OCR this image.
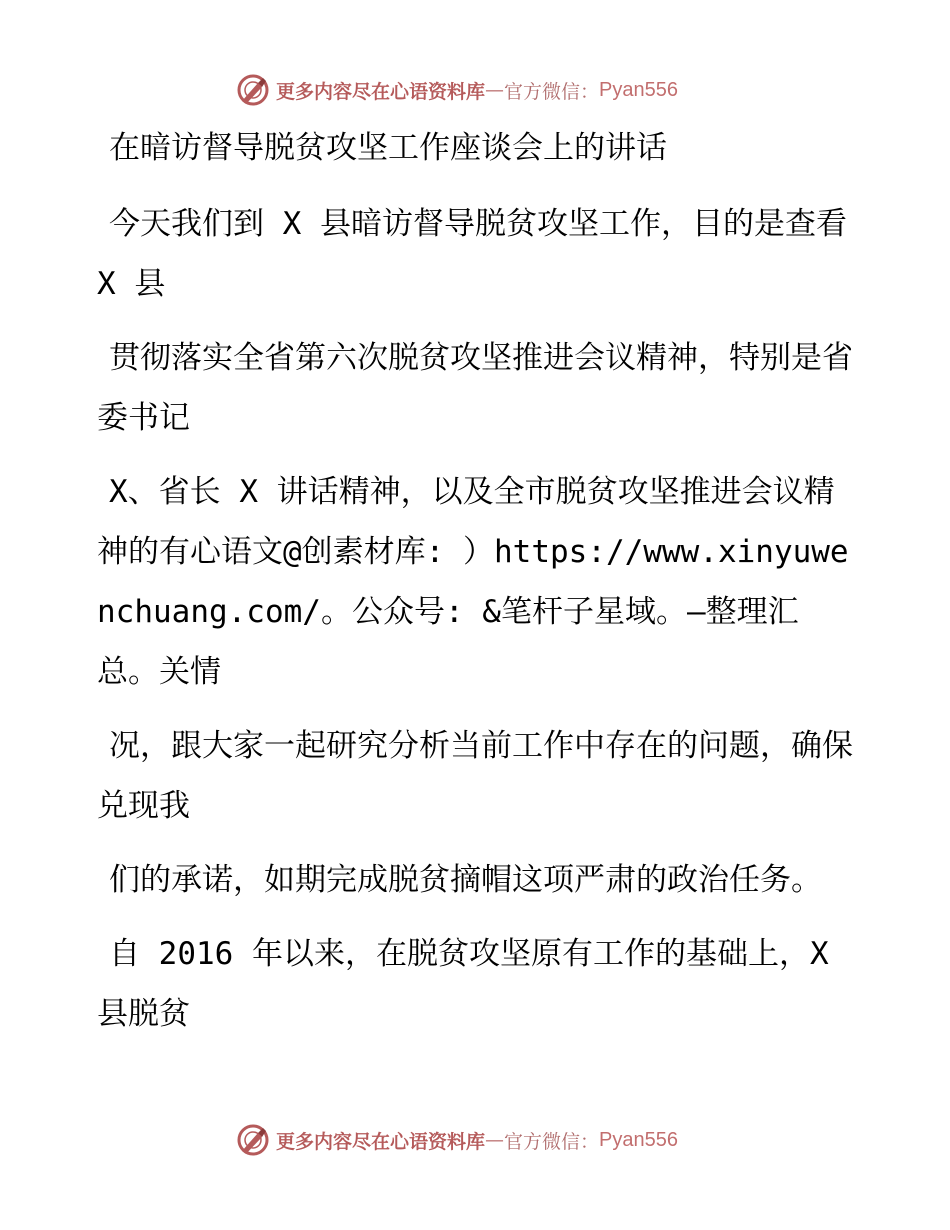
更多内容尽在心语资料库 — 官方微信： Pyan556

在暗访督导脱贫攻坚工作座谈会上的讲话

今天我们到 X 县暗访督导脱贫攻坚工作，目的是查看 X 县

贯彻落实全省第六次脱贫攻坚推进会议精神，特别是省委书记

X、省长 X 讲话精神，以及全市脱贫攻坚推进会议精神的有心语文@创素材库: ）https://www.xinyuwenchuang.com/。公众号: &笔杆子星域。—整理汇总。关情

况，跟大家一起研究分析当前工作中存在的问题，确保兑现我

们的承诺，如期完成脱贫摘帽这项严肃的政治任务。

自 2016 年以来，在脱贫攻坚原有工作的基础上，X 县脱贫

更多内容尽在心语资料库 — 官方微信： Pyan556
